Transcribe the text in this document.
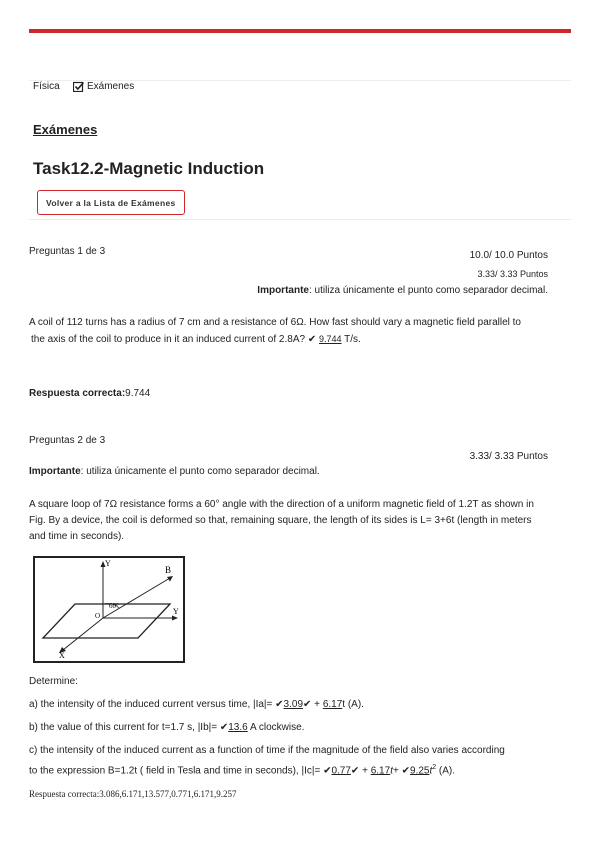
Física	Exámenes
Exámenes
Task12.2-Magnetic Induction
Volver a la Lista de Exámenes
Preguntas 1 de 3	10.0/ 10.0 Puntos
3.33/ 3.33 Puntos
Importante: utiliza únicamente el punto como separador decimal.
A coil of 112 turns has a radius of 7 cm and a resistance of 6Ω. How fast should vary a magnetic field parallel to
the axis of the coil to produce in it an induced current of 2.8A? ✔ 9.744 T/s.
Respuesta correcta:9.744
Preguntas 2 de 3
3.33/ 3.33 Puntos
Importante: utiliza únicamente el punto como separador decimal.
A square loop of 7Ω resistance forms a 60° angle with the direction of a uniform magnetic field of 1.2T as shown in
Fig. By a device, the coil is deformed so that, remaining square, the length of its sides is L= 3+6t (length in meters
and time in seconds).
60°
Y
Y
X
B
O
Determine:
a) the intensity of the induced current versus time, |Ia|= ✔3.09✔ + 6.17t (A).
b) the value of this current for t=1.7 s, |Ib|= ✔13.6 A clockwise.
c) the intensity of the induced current as a function of time if the magnitude of the field also varies according
to the expression B=1.2t ( field in Tesla and time in seconds), |Ic|= ✔0.77✔ + $6.17t+ ✔9.25t^2$ (A).
Respuesta correcta:3.086,6.171,13.577,0.771,6.171,9.257
